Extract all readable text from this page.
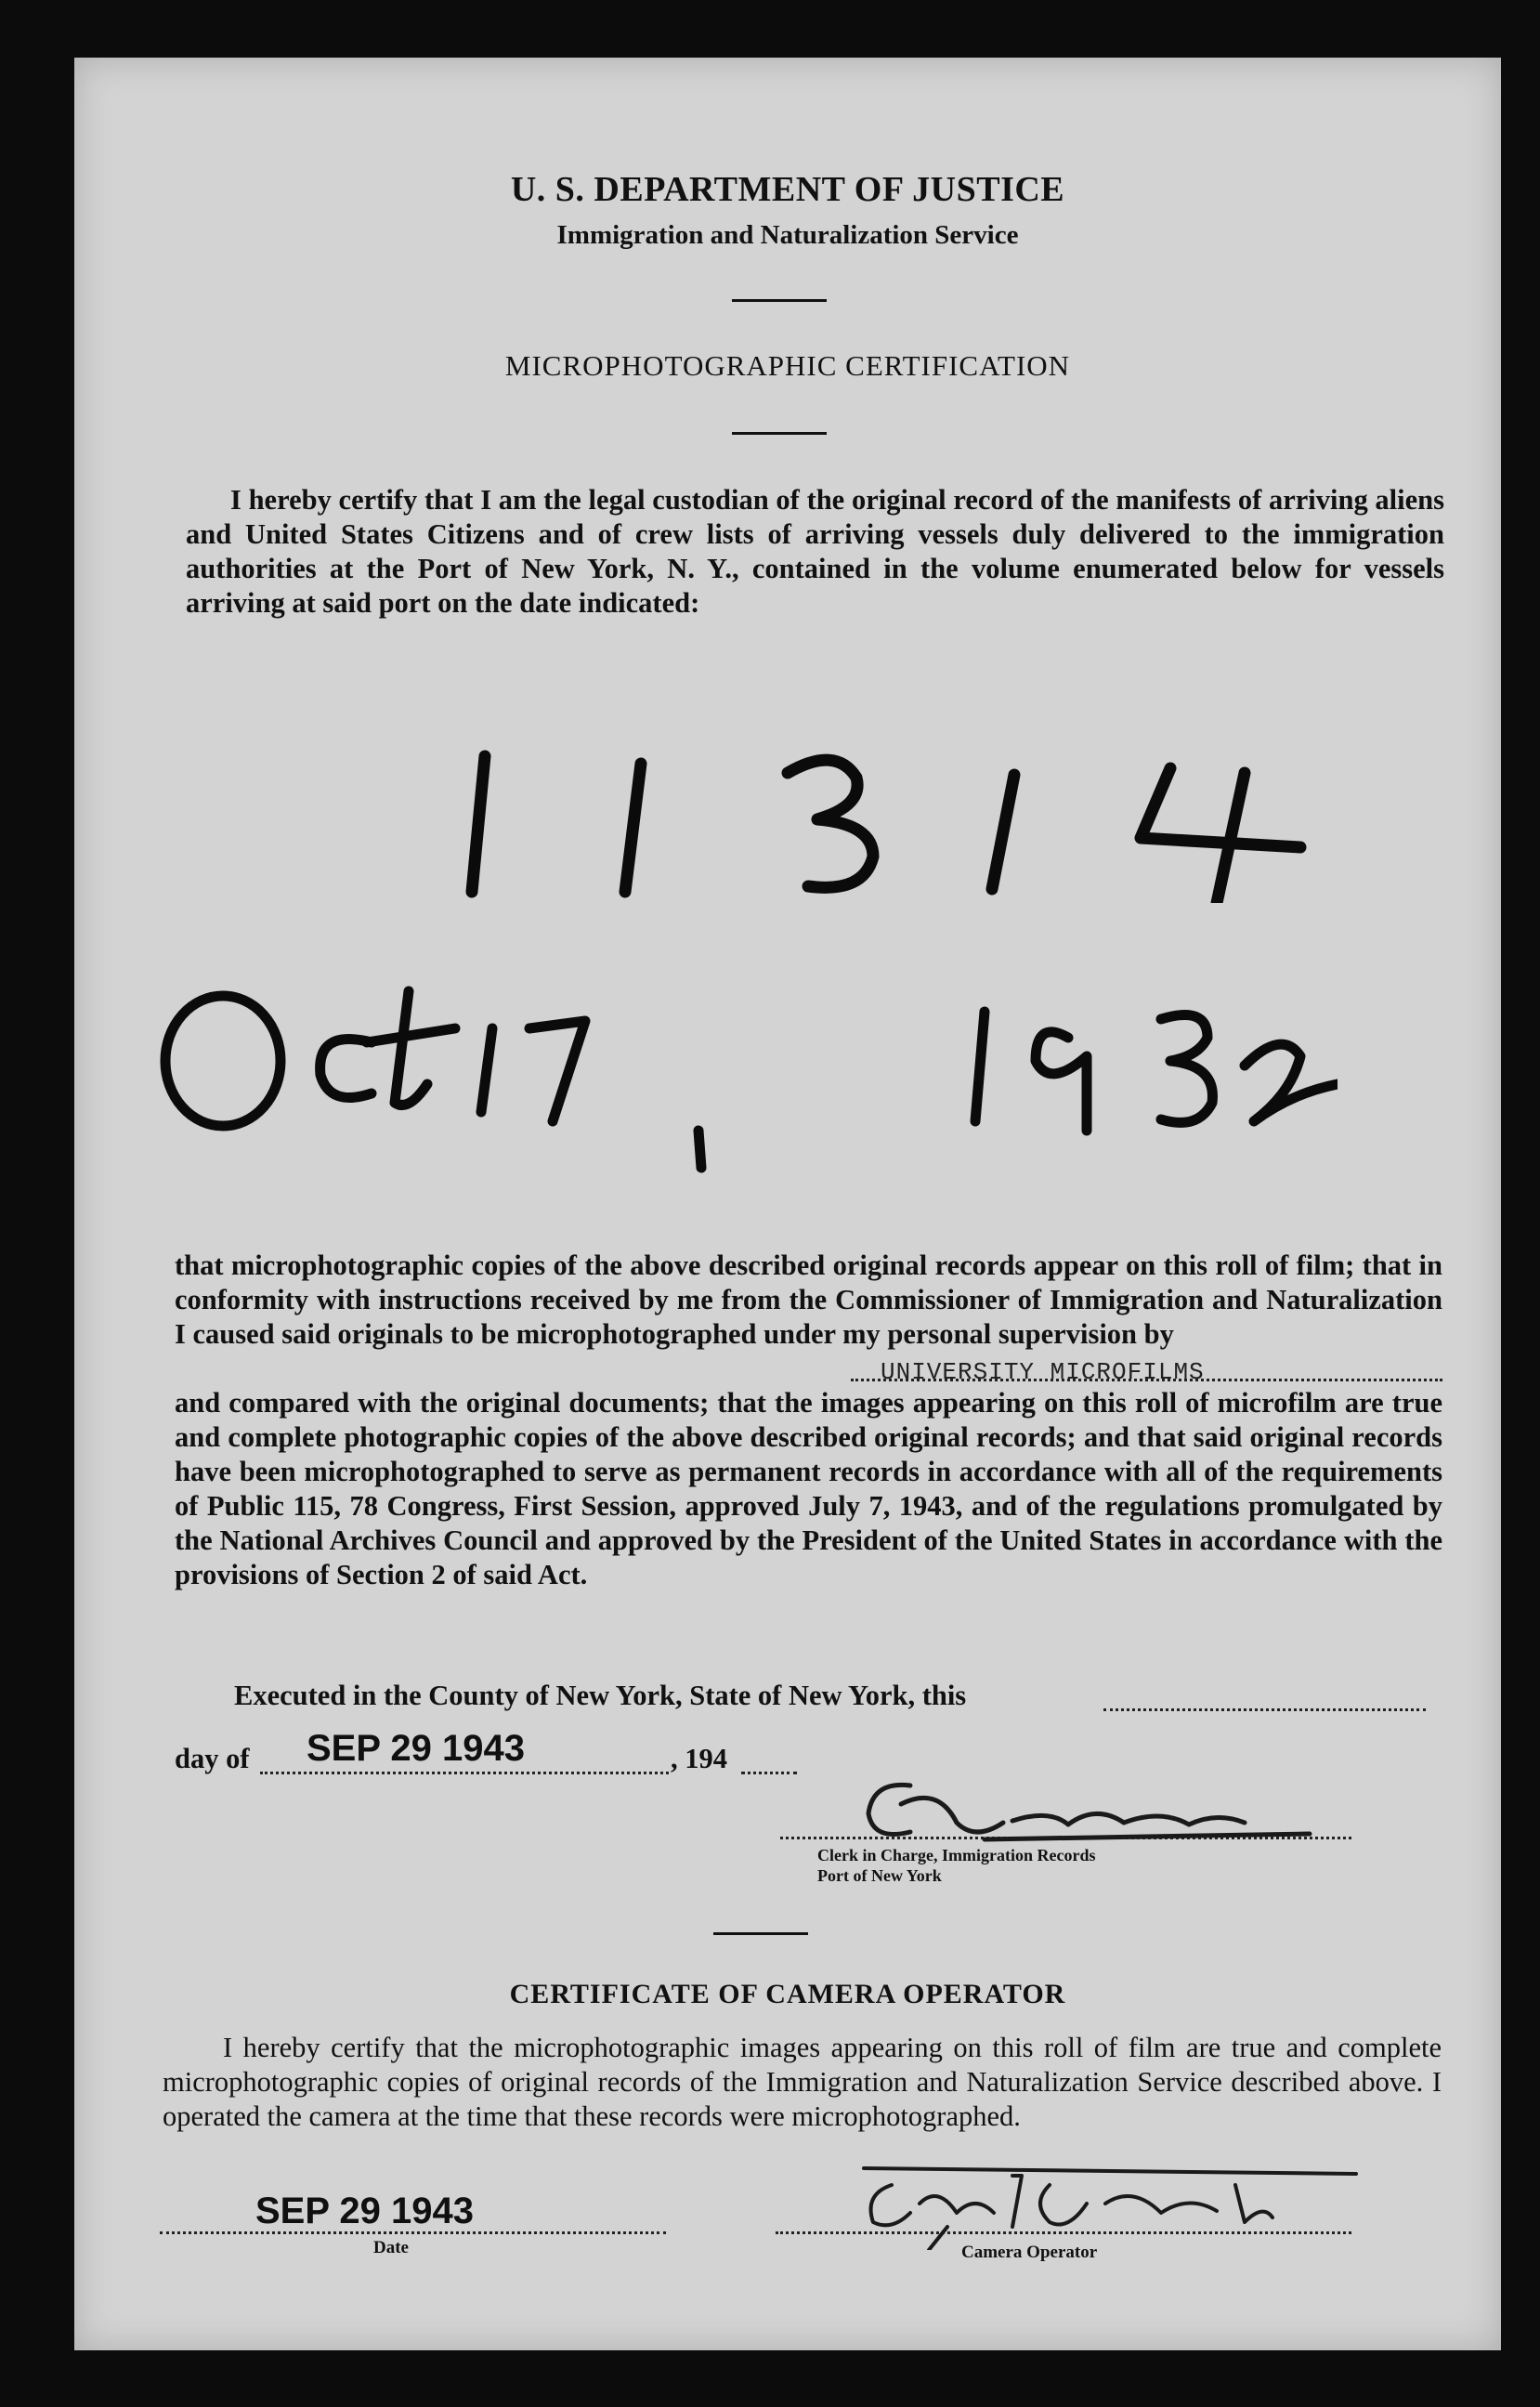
U. S. DEPARTMENT OF JUSTICE
Immigration and Naturalization Service
MICROPHOTOGRAPHIC CERTIFICATION
I hereby certify that I am the legal custodian of the original record of the manifests of arriving aliens and United States Citizens and of crew lists of arriving vessels duly delivered to the immigration authorities at the Port of New York, N. Y., contained in the volume enumerated below for vessels arriving at said port on the date indicated:
that microphotographic copies of the above described original records appear on this roll of film; that in conformity with instructions received by me from the Commissioner of Immigration and Naturalization I caused said originals to be microphotographed under my personal supervision by
UNIVERSITY MICROFILMS
and compared with the original documents; that the images appearing on this roll of microfilm are true and complete photographic copies of the above described original records; and that said original records have been microphotographed to serve as permanent records in accordance with all of the requirements of Public 115, 78 Congress, First Session, approved July 7, 1943, and of the regulations promulgated by the National Archives Council and approved by the President of the United States in accordance with the provisions of Section 2 of said Act.
Executed in the County of New York, State of New York, this
day of SEP 29 1943	, 194
Clerk in Charge, Immigration Records
Port of New York
CERTIFICATE OF CAMERA OPERATOR
I hereby certify that the microphotographic images appearing on this roll of film are true and complete microphotographic copies of original records of the Immigration and Naturalization Service described above. I operated the camera at the time that these records were microphotographed.
SEP 29 1943
Date	Camera Operator
